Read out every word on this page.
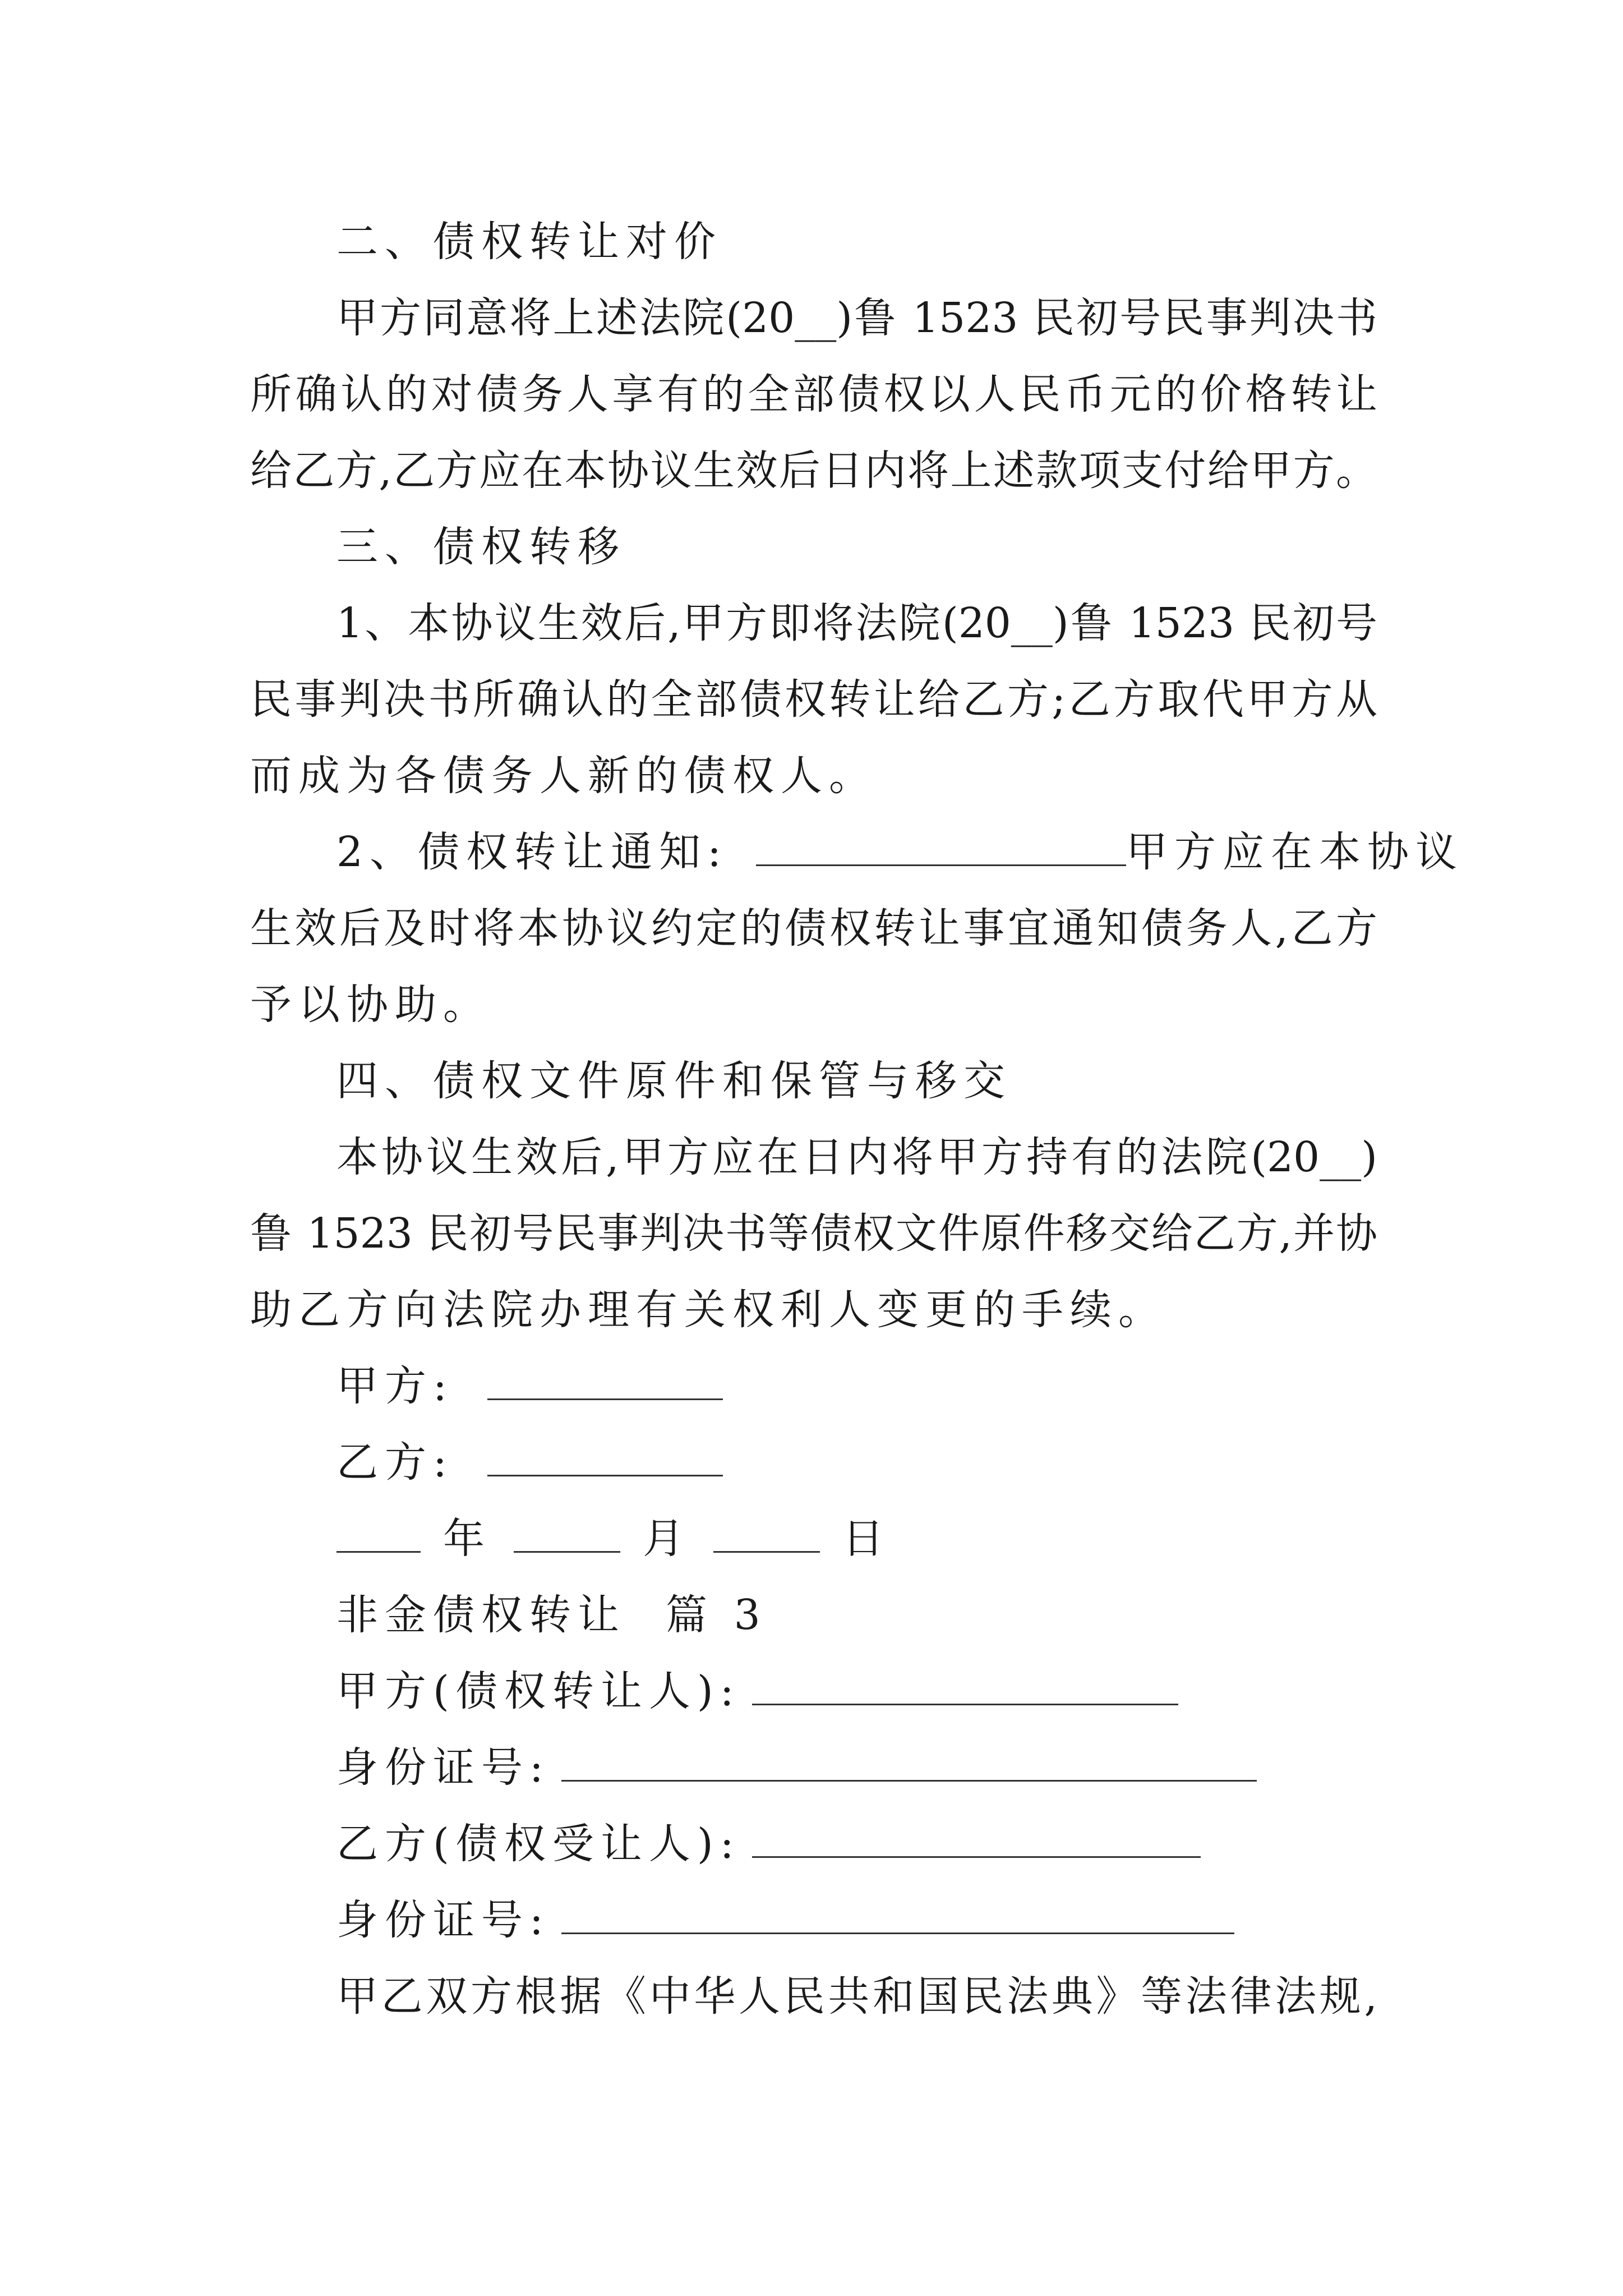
二、债权转让对价
甲方同意将上述法院(20__)鲁 1523 民初号民事判决书
所确认的对债务人享有的全部债权以人民币元的价格转让
给乙方,乙方应在本协议生效后日内将上述款项支付给甲方。
三、债权转移
1、本协议生效后,甲方即将法院(20__)鲁 1523 民初号
民事判决书所确认的全部债权转让给乙方;乙方取代甲方从
而成为各债务人新的债权人。
2、债权转让通知:	甲方应在本协议
生效后及时将本协议约定的债权转让事宜通知债务人,乙方
予以协助。
四、债权文件原件和保管与移交
本协议生效后,甲方应在日内将甲方持有的法院(20__)
鲁 1523 民初号民事判决书等债权文件原件移交给乙方,并协
助乙方向法院办理有关权利人变更的手续。
甲方:
乙方:
年	月	日
非金债权转让  篇 3
甲方(债权转让人):
身份证号:
乙方(债权受让人):
身份证号:
甲乙双方根据《中华人民共和国民法典》等法律法规,
